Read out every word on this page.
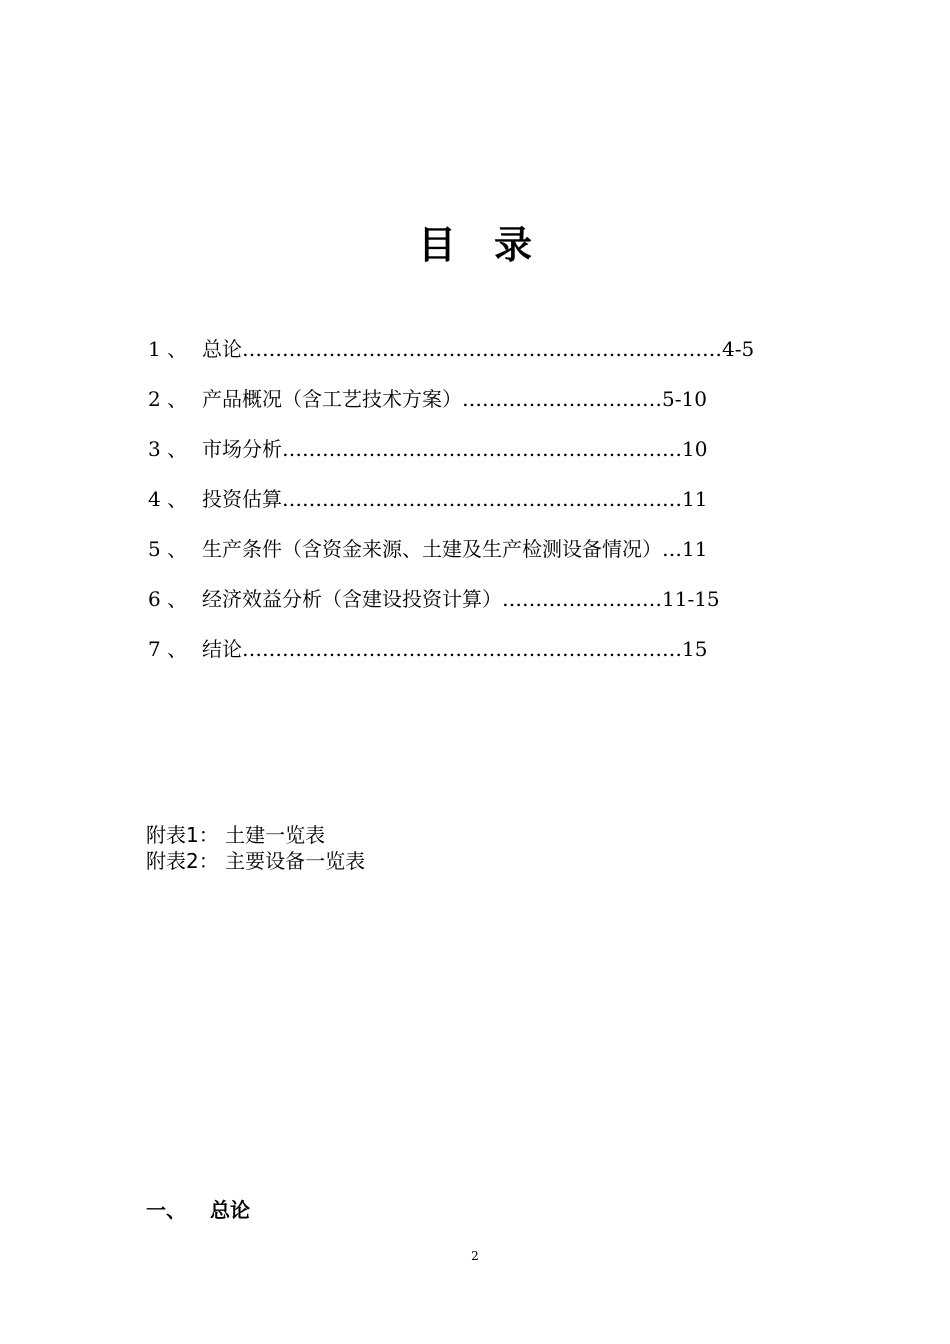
目 录
1 、 总论………………………………………………………………4-5
2 、 产品概况（含工艺技术方案）…………………………5-10
3 、 市场分析……………………………………………………10
4 、 投资估算……………………………………………………11
5 、 生产条件（含资金来源、土建及生产检测设备情况）…11
6 、 经济效益分析（含建设投资计算）……………………11-15
7 、 结论…………………………………………………………15
附表1： 土建一览表
附表2： 主要设备一览表
一、 总论
2
